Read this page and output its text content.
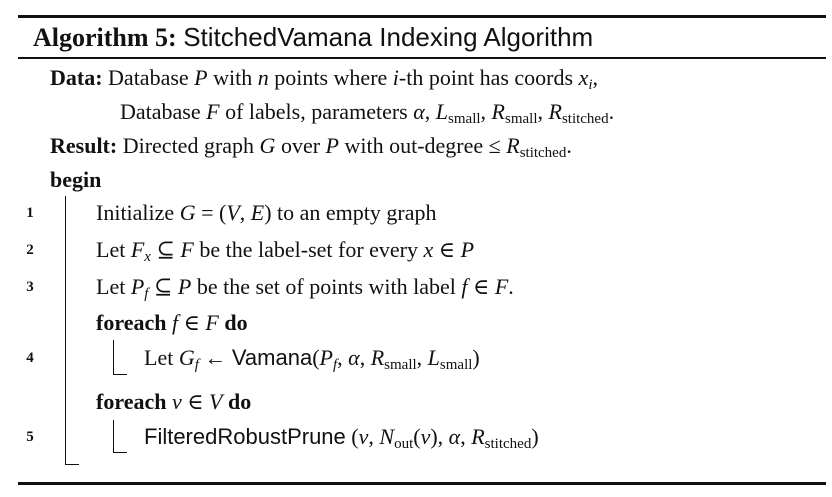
Algorithm 5: StitchedVamana Indexing Algorithm
Data: Database P with n points where i-th point has coords $x_i$,
Database F of labels, parameters α, $L_{small}$, $R_{small}$, $R_{stitched}$.
Result: Directed graph G over P with out-degree ≤ $R_{stitched}$.
begin
1	Initialize G = (V, E) to an empty graph
2	Let $F_x$ ⊆ F be the label-set for every x ∈ P
3	Let $P_f$ ⊆ P be the set of points with label f ∈ F.
foreach f ∈ F do
4	Let $G_f$ ← $Vamana(P_f$, α, $R_{small}$, $L_{small}$)
foreach v ∈ V do
5	FilteredRobustPrune (v, $N_{out}(v)$, α, $R_{stitched}$)
